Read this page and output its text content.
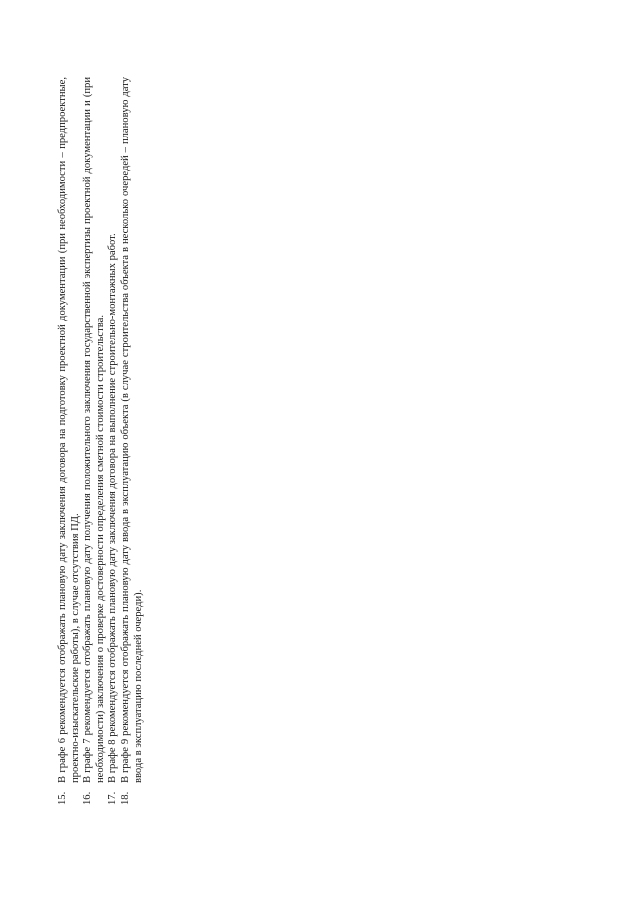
15.
В графе 6 рекомендуется отображать плановую дату заключения договора на подготовку проектной документации (при необходимости – предпроектные, проектно-изыскательские работы), в случае отсутствия ПД.

16.
В графе 7 рекомендуется отображать плановую дату получения положительного заключения государственной экспертизы проектной документации и (при необходимости) заключения о проверке достоверности определения сметной стоимости строительства.

17.
В графе 8 рекомендуется отображать плановую дату заключения договора на выполнение строительно-монтажных работ.

18.
В графе 9 рекомендуется отображать плановую дату ввода в эксплуатацию объекта (в случае строительства объекта в несколько очередей – плановую дату ввода в эксплуатацию последней очереди).
